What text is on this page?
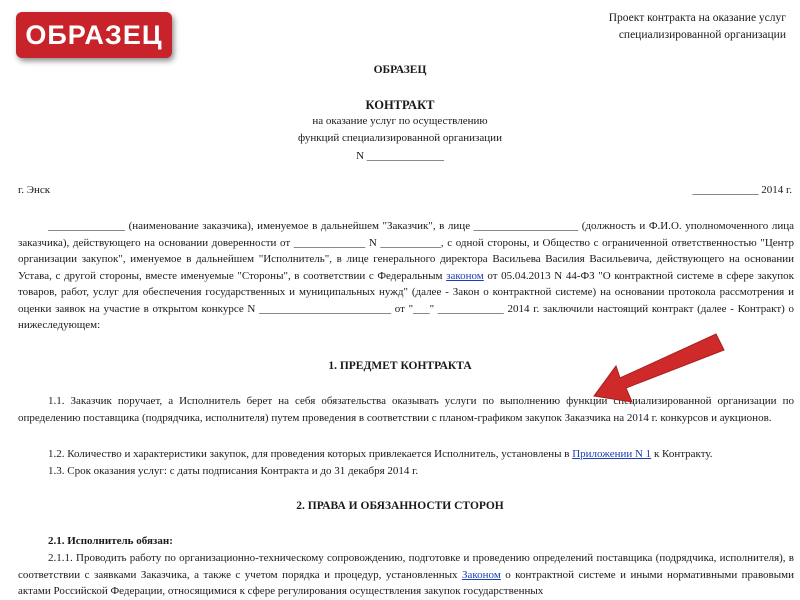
ОБРАЗЕЦ
Проект контракта на оказание услуг специализированной организации
ОБРАЗЕЦ
КОНТРАКТ
на оказание услуг по осуществлению
функций специализированной организации
N ______________
г. Энск	____________ 2014 г.
______________ (наименование заказчика), именуемое в дальнейшем "Заказчик", в лице ___________________ (должность и Ф.И.О. уполномоченного лица заказчика), действующего на основании доверенности от _____________ N ___________, с одной стороны, и Общество с ограниченной ответственностью "Центр организации закупок", именуемое в дальнейшем "Исполнитель", в лице генерального директора Васильева Василия Васильевича, действующего на основании Устава, с другой стороны, вместе именуемые "Стороны", в соответствии с Федеральным законом от 05.04.2013 N 44-ФЗ "О контрактной системе в сфере закупок товаров, работ, услуг для обеспечения государственных и муниципальных нужд" (далее - Закон о контрактной системе) на основании протокола рассмотрения и оценки заявок на участие в открытом конкурсе N ________________________ от "___" ____________ 2014 г. заключили настоящий контракт (далее - Контракт) о нижеследующем:
1. ПРЕДМЕТ КОНТРАКТА
1.1. Заказчик поручает, а Исполнитель берет на себя обязательства оказывать услуги по выполнению функций специализированной организации по определению поставщика (подрядчика, исполнителя) путем проведения в соответствии с планом-графиком закупок Заказчика на 2014 г. конкурсов и аукционов.
1.2. Количество и характеристики закупок, для проведения которых привлекается Исполнитель, установлены в Приложении N 1 к Контракту.
1.3. Срок оказания услуг: с даты подписания Контракта и до 31 декабря 2014 г.
2. ПРАВА И ОБЯЗАННОСТИ СТОРОН
2.1. Исполнитель обязан:
2.1.1. Проводить работу по организационно-техническому сопровождению, подготовке и проведению определений поставщика (подрядчика, исполнителя), в соответствии с заявками Заказчика, а также с учетом порядка и процедур, установленных Законом о контрактной системе и иными нормативными правовыми актами Российской Федерации, относящимися к сфере регулирования осуществления закупок государственных
